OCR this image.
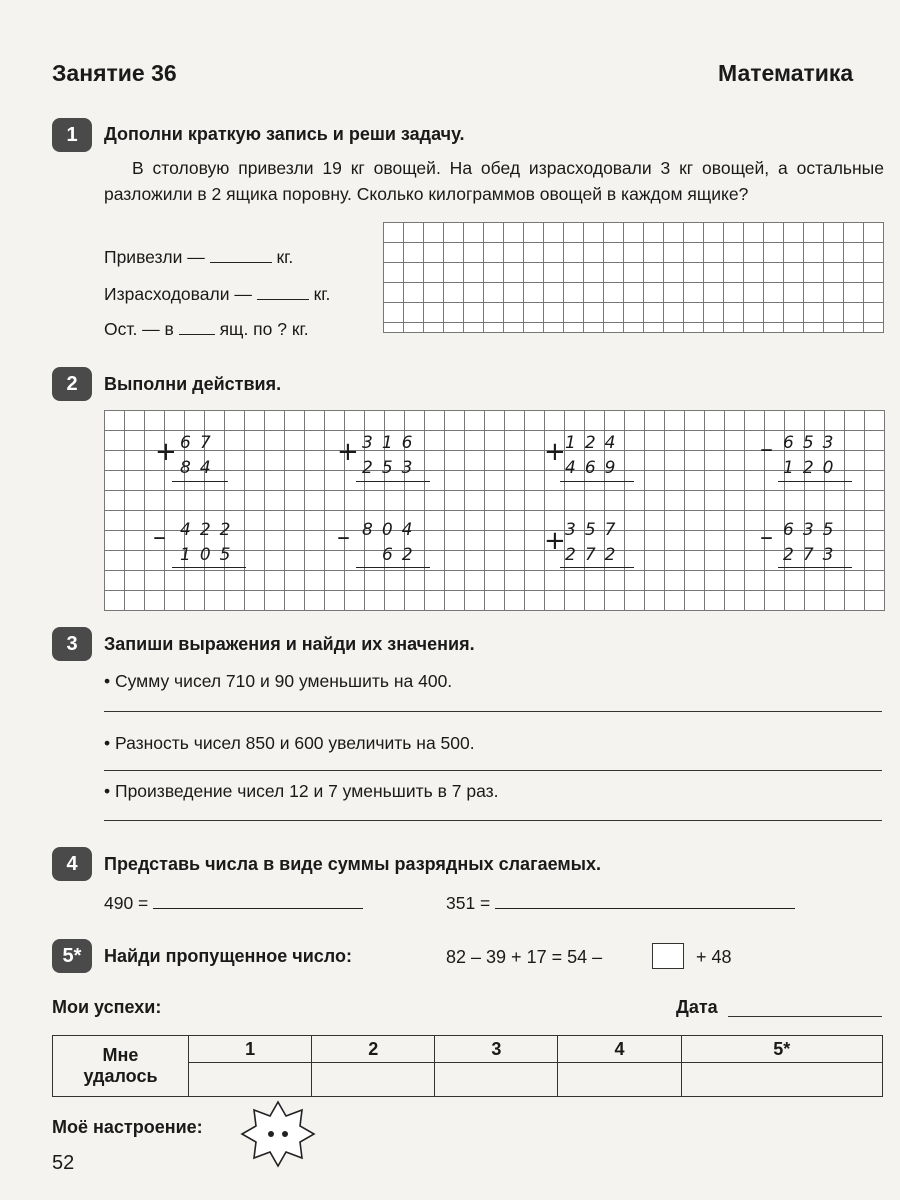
Занятие 36	Математика
1	Дополни краткую запись и реши задачу.
В столовую привезли 19 кг овощей. На обед израсходовали 3 кг овощей, а остальные разложили в 2 ящика поровну. Сколько килограммов овощей в каждом ящике?
Привезли —	кг.
Израсходовали —	кг.
Ост. — в	ящ. по ? кг.
2	Выполни действия.
+ 67
84
+ 316
253
+ 124
469
– 653
120
– 422
105
– 804
62	+ 357
272
– 635
273
3	Запиши выражения и найди их значения.
• Сумму чисел 710 и 90 уменьшить на 400.
• Разность чисел 850 и 600 увеличить на 500.
• Произведение чисел 12 и 7 уменьшить в 7 раз.
4	Представь числа в виде суммы разрядных слагаемых.
490 =	351 =
5*	Найди пропущенное число:	82 – 39 + 17 = 54 –	+ 48
Мои успехи:	Дата
Мне
удалось	1	2	3	4	5*

Моё настроение:
52
